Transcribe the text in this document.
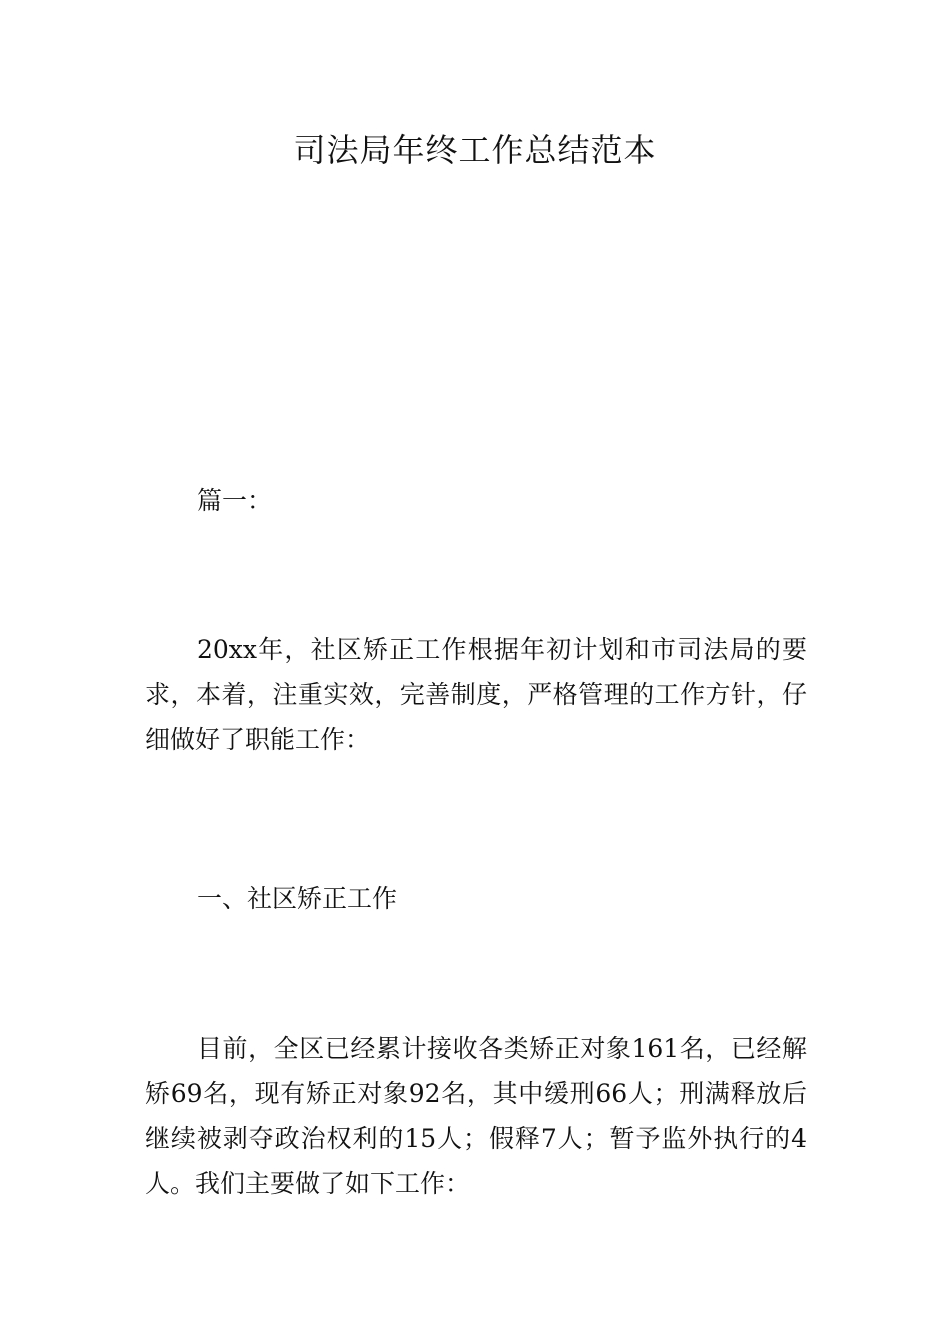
司法局年终工作总结范本

篇一：

20xx年，社区矫正工作根据年初计划和市司法局的要求，本着，注重实效，完善制度，严格管理的工作方针，仔细做好了职能工作：

一、社区矫正工作

目前，全区已经累计接收各类矫正对象161名，已经解矫69名，现有矫正对象92名，其中缓刑66人；刑满释放后继续被剥夺政治权利的15人；假释7人；暂予监外执行的4人。我们主要做了如下工作：
